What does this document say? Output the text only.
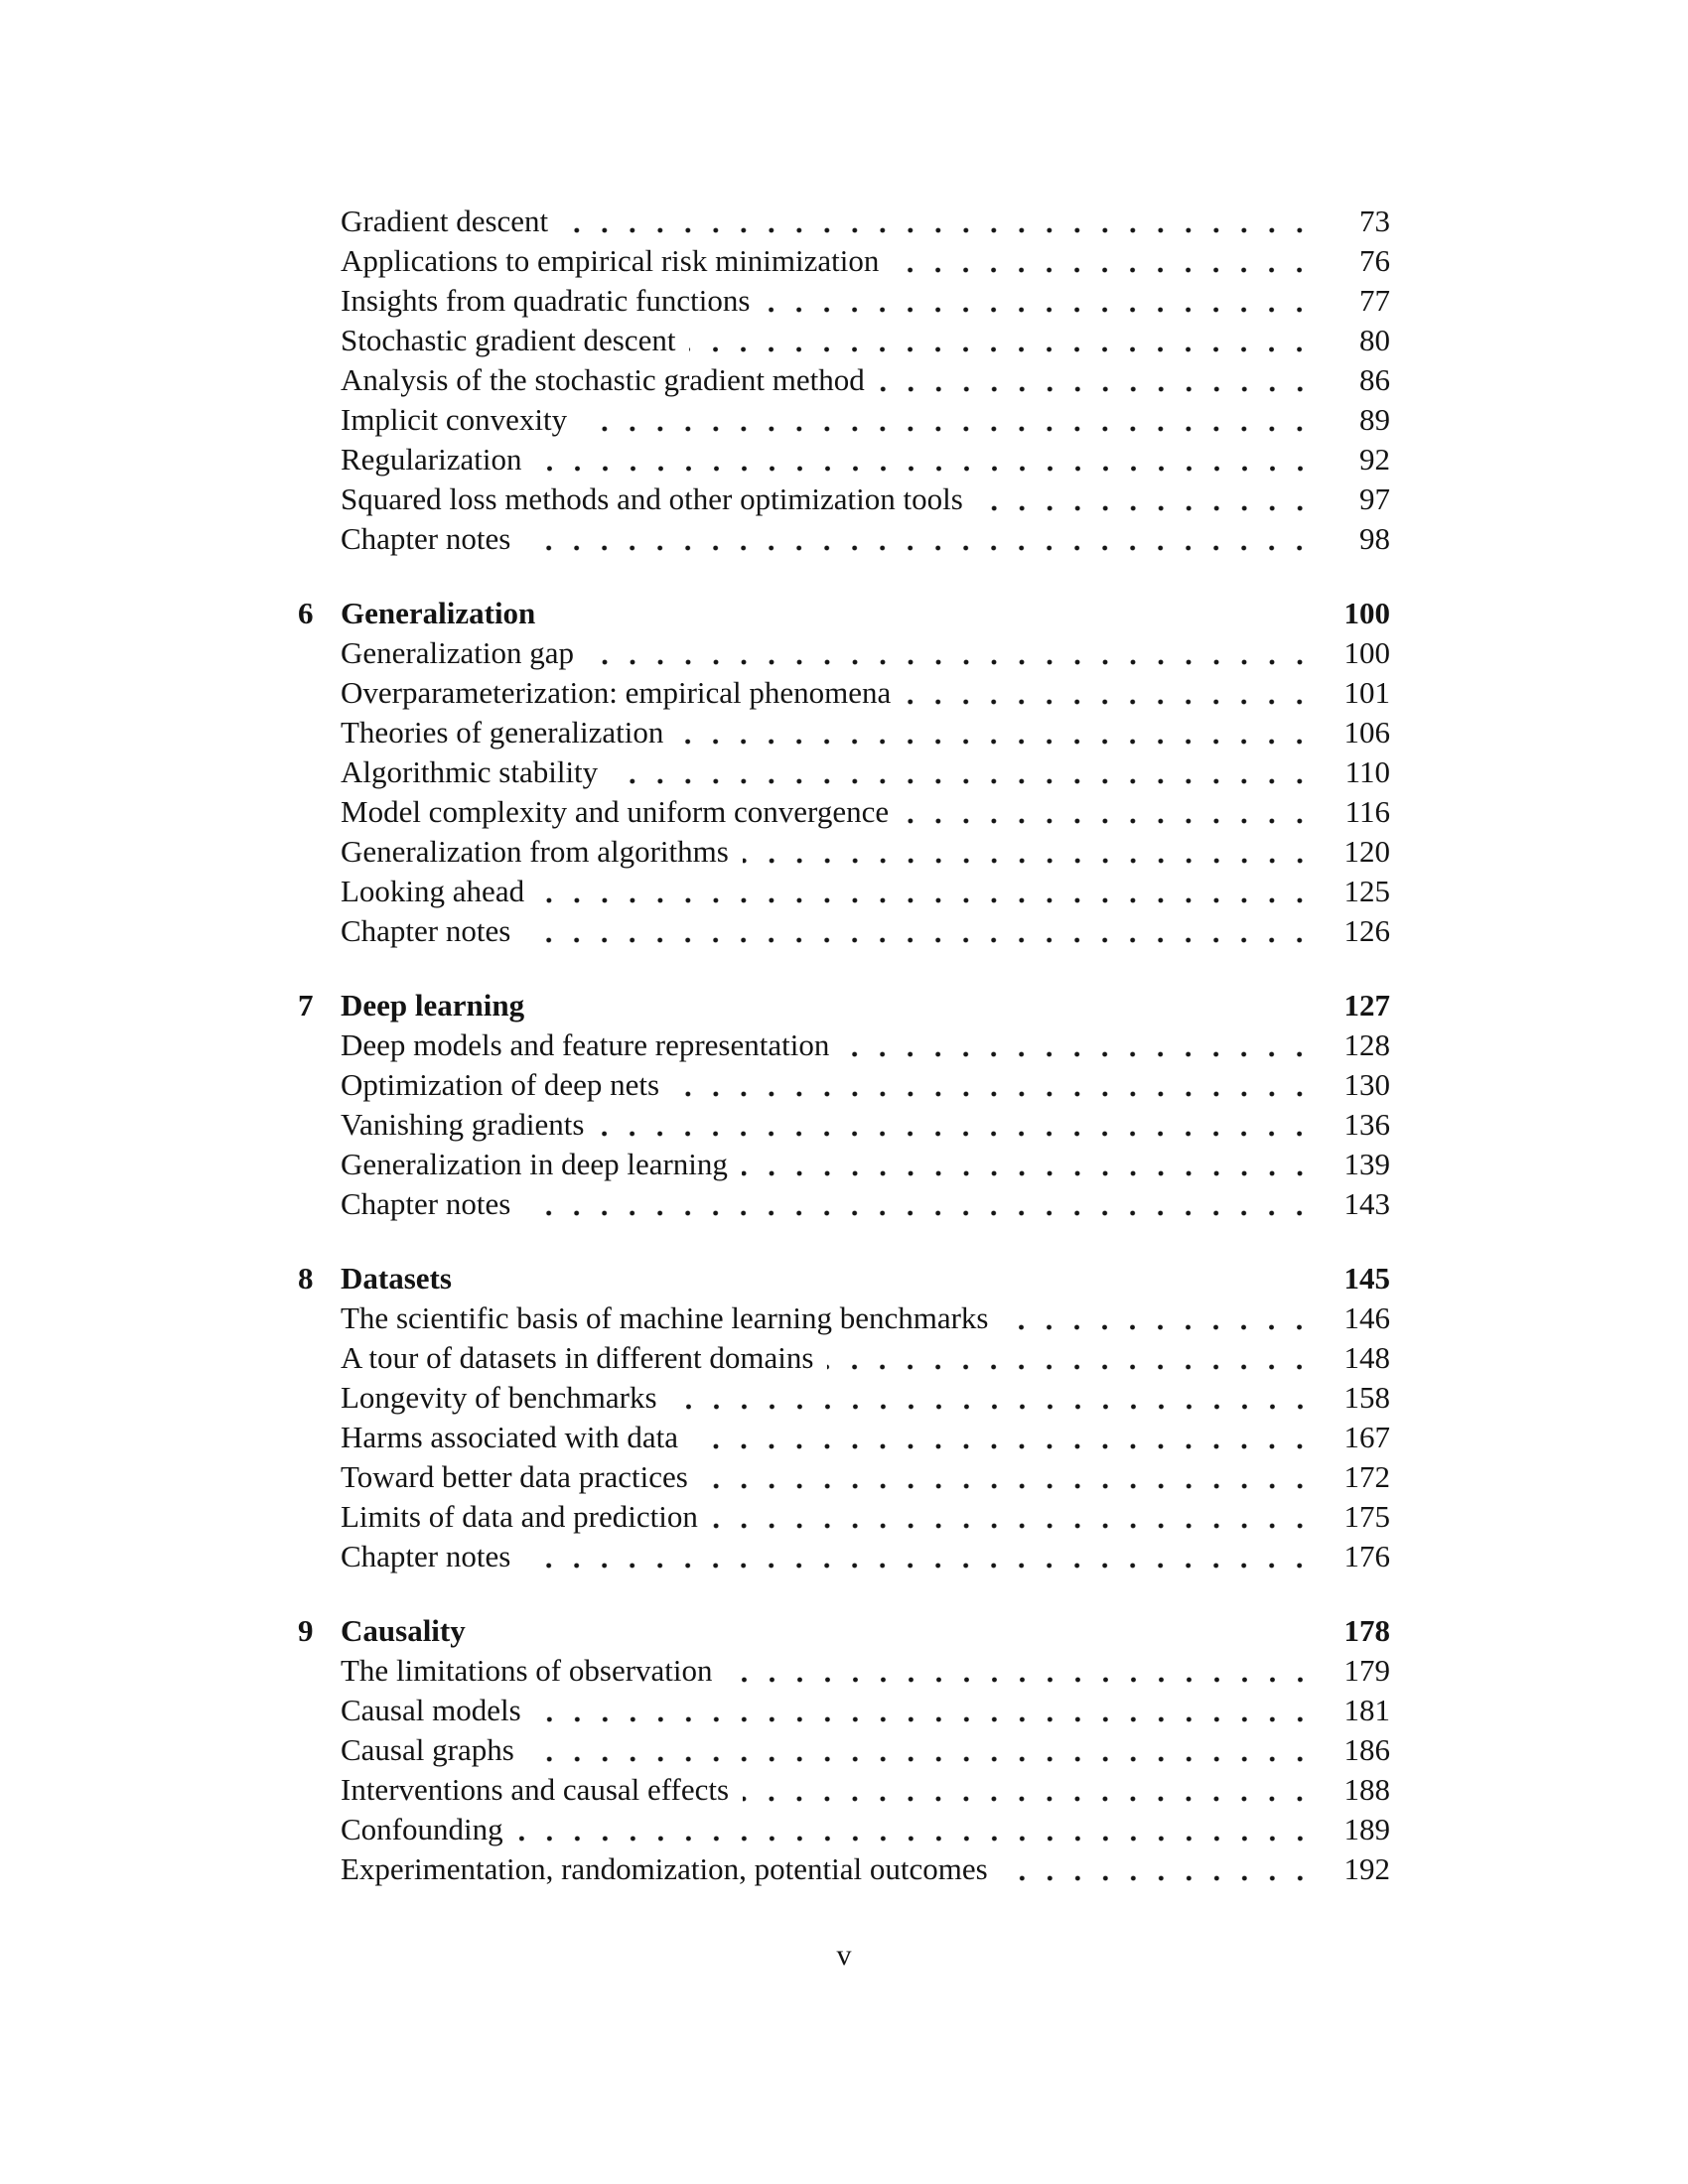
Gradient descent	73
Applications to empirical risk minimization	76
Insights from quadratic functions	77
Stochastic gradient descent	80
Analysis of the stochastic gradient method	86
Implicit convexity	89
Regularization	92
Squared loss methods and other optimization tools	97
Chapter notes	98
6 Generalization	100
Generalization gap	100
Overparameterization: empirical phenomena	101
Theories of generalization	106
Algorithmic stability	110
Model complexity and uniform convergence	116
Generalization from algorithms	120
Looking ahead	125
Chapter notes	126
7 Deep learning	127
Deep models and feature representation	128
Optimization of deep nets	130
Vanishing gradients	136
Generalization in deep learning	139
Chapter notes	143
8 Datasets	145
The scientific basis of machine learning benchmarks	146
A tour of datasets in different domains	148
Longevity of benchmarks	158
Harms associated with data	167
Toward better data practices	172
Limits of data and prediction	175
Chapter notes	176
9 Causality	178
The limitations of observation	179
Causal models	181
Causal graphs	186
Interventions and causal effects	188
Confounding	189
Experimentation, randomization, potential outcomes	192
v
